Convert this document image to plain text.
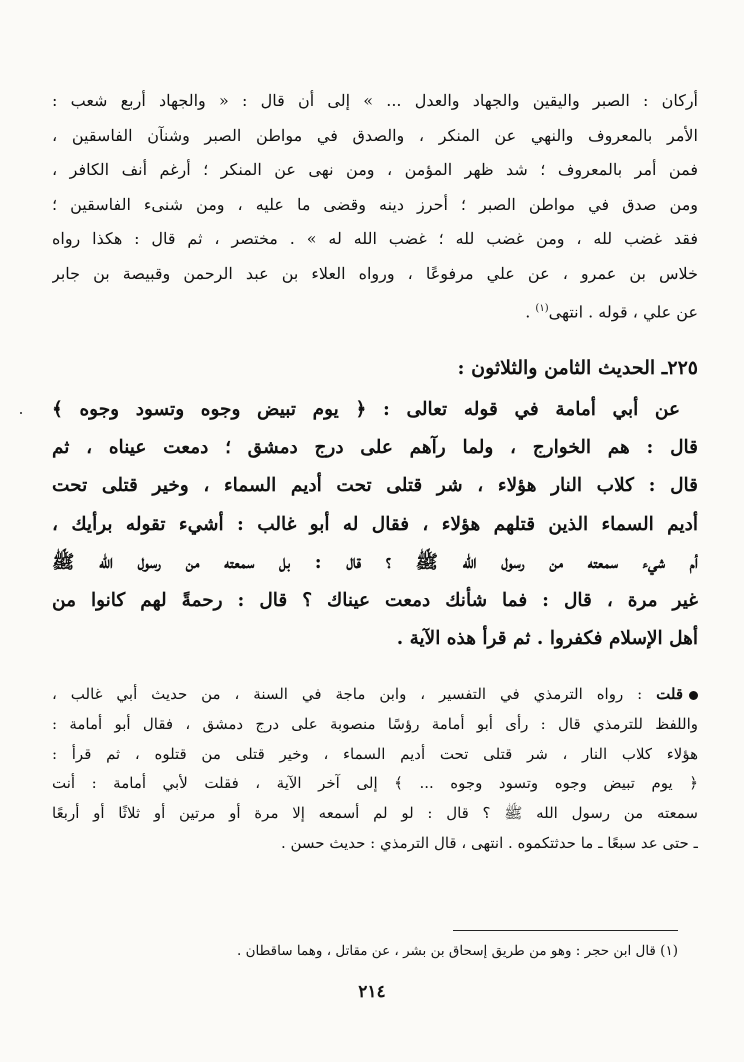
أركان : الصبر واليقين والجهاد والعدل ... » إلى أن قال : « والجهاد أربع شعب :
الأمر بالمعروف والنهي عن المنكر ، والصدق في مواطن الصبر وشنآن الفاسقين ،
فمن أمر بالمعروف ؛ شد ظهر المؤمن ، ومن نهى عن المنكر ؛ أرغم أنف الكافر ،
ومن صدق في مواطن الصبر ؛ أحرز دينه وقضى ما عليه ، ومن شنىء الفاسقين ؛
فقد غضب لله ، ومن غضب لله ؛ غضب الله له » . مختصر ، ثم قال : هكذا رواه
خلاس بن عمرو ، عن علي مرفوعًا ، ورواه العلاء بن عبد الرحمن وقبيصة بن جابر
عن علي ، قوله . انتهى$^{(١)}$ .
٢٢٥ـ الحديث الثامن والثلاثون :
عن أبي أمامة في قوله تعالى : ﴿ يوم تبيض وجوه وتسود وجوه ﴾
قال : هم الخوارج ، ولما رآهم على درج دمشق ؛ دمعت عيناه ، ثم
قال : كلاب النار هؤلاء ، شر قتلى تحت أديم السماء ، وخير قتلى تحت
أديم السماء الذين قتلهم هؤلاء ، فقال له أبو غالب : أشيء تقوله برأيك ،
أم شيء سمعته من رسول الله ﷺ ؟ قال : بل سمعته من رسول الله ﷺ
غير مرة ، قال : فما شأنك دمعت عيناك ؟ قال : رحمةً لهم كانوا من
أهل الإسلام فكفروا . ثم قرأ هذه الآية .
قلت : رواه الترمذي في التفسير ، وابن ماجة في السنة ، من حديث أبي غالب ،
واللفظ للترمذي قال : رأى أبو أمامة رؤسًا منصوبة على درج دمشق ، فقال أبو أمامة :
هؤلاء كلاب النار ، شر قتلى تحت أديم السماء ، وخير قتلى من قتلوه ، ثم قرأ :
﴿ يوم تبيض وجوه وتسود وجوه ... ﴾ إلى آخر الآية ، فقلت لأبي أمامة : أنت
سمعته من رسول الله ﷺ ؟ قال : لو لم أسمعه إلا مرة أو مرتين أو ثلاثًا أو أربعًا
ـ حتى عد سبعًا ـ ما حدثتكموه . انتهى ، قال الترمذي : حديث حسن .
(١) قال ابن حجر : وهو من طريق إسحاق بن بشر ، عن مقاتل ، وهما ساقطان .
٢١٤
